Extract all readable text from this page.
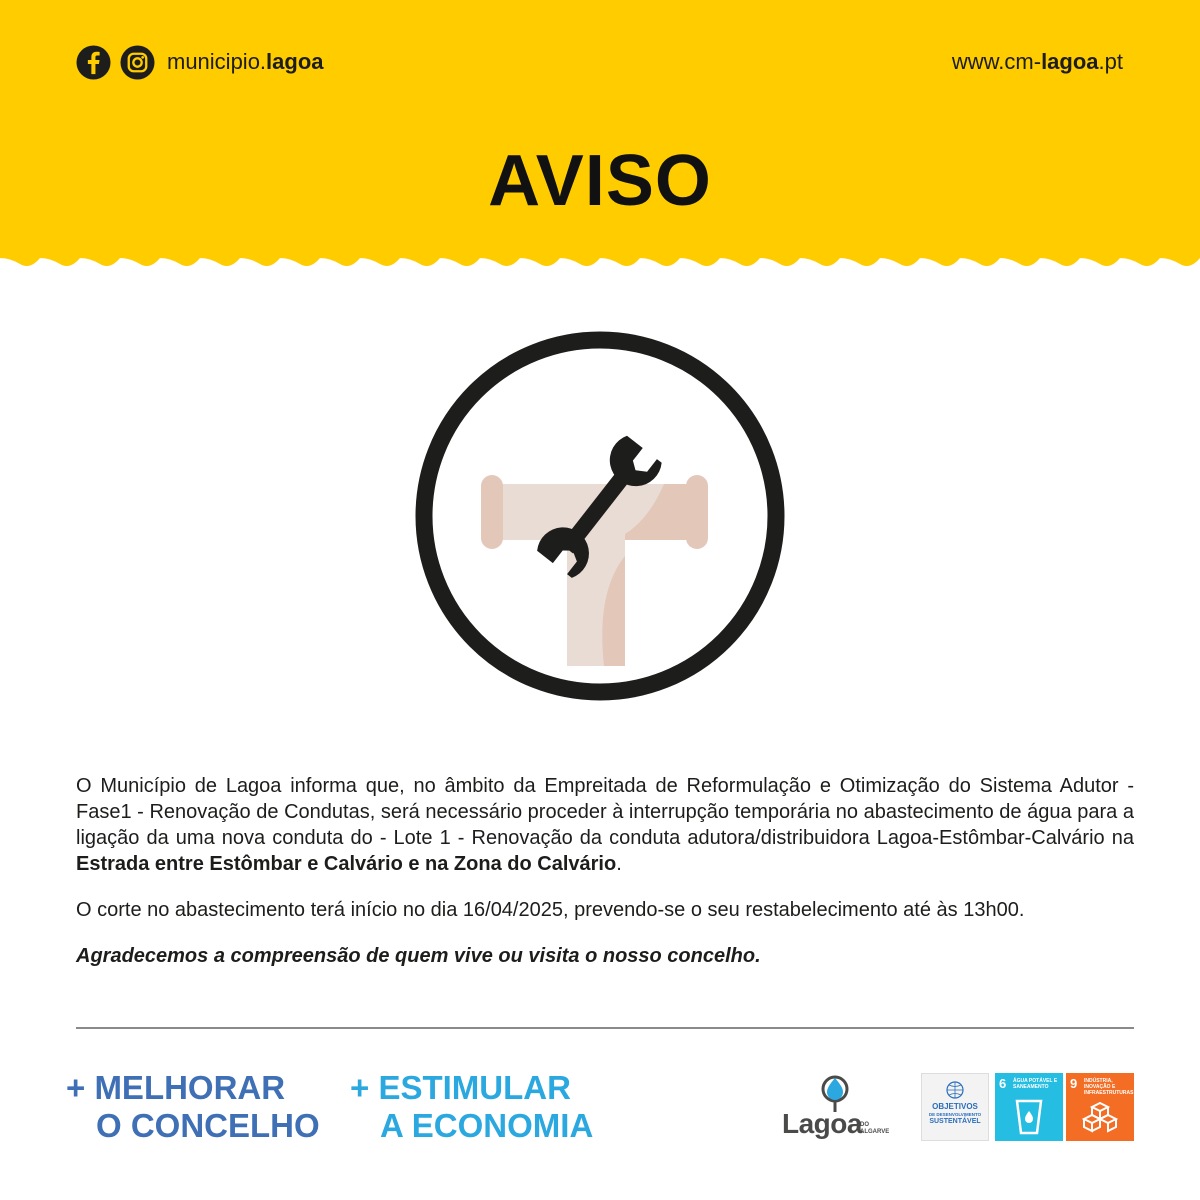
municipio.lagoa	www.cm-lagoa.pt
AVISO

O Município de Lagoa informa que, no âmbito da Empreitada de Reformulação e Otimização do Sistema Adutor - Fase1 - Renovação de Condutas, será necessário proceder à interrupção temporária no abastecimento de água para a ligação da uma nova conduta do - Lote 1 - Renovação da conduta adutora/distribuidora Lagoa-Estômbar-Calvário na Estrada entre Estômbar e Calvário e na Zona do Calvário.

O corte no abastecimento terá início no dia 16/04/2025, prevendo-se o seu restabelecimento até às 13h00.

Agradecemos a compreensão de quem vive ou visita o nosso concelho.

+ MELHORAR
O CONCELHO
+ ESTIMULAR
A ECONOMIA	Lagoa
DO
ALGARVE
OBJETIVOS
DE DESENVOLVIMENTO
SUSTENTÁVEL
6 ÁGUA POTÁVEL E SANEAMENTO	9 INDÚSTRIA, INOVAÇÃO E INFRAESTRUTURAS
